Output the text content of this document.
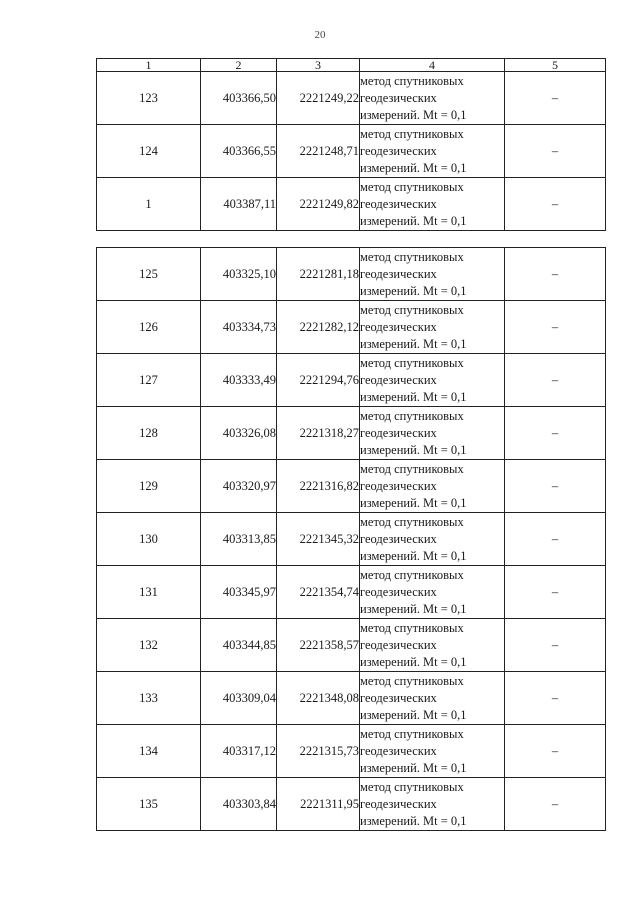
20
1	2	3	4	5
123	403366,50	2221249,22	метод спутниковых
геодезических
измерений. Mt = 0,1	–
124	403366,55	2221248,71	метод спутниковых
геодезических
измерений. Mt = 0,1	–
1	403387,11	2221249,82	метод спутниковых
геодезических
измерений. Mt = 0,1	–

125	403325,10	2221281,18	метод спутниковых
геодезических
измерений. Mt = 0,1	–
126	403334,73	2221282,12	метод спутниковых
геодезических
измерений. Mt = 0,1	–
127	403333,49	2221294,76	метод спутниковых
геодезических
измерений. Mt = 0,1	–
128	403326,08	2221318,27	метод спутниковых
геодезических
измерений. Mt = 0,1	–
129	403320,97	2221316,82	метод спутниковых
геодезических
измерений. Mt = 0,1	–
130	403313,85	2221345,32	метод спутниковых
геодезических
измерений. Mt = 0,1	–
131	403345,97	2221354,74	метод спутниковых
геодезических
измерений. Mt = 0,1	–
132	403344,85	2221358,57	метод спутниковых
геодезических
измерений. Mt = 0,1	–
133	403309,04	2221348,08	метод спутниковых
геодезических
измерений. Mt = 0,1	–
134	403317,12	2221315,73	метод спутниковых
геодезических
измерений. Mt = 0,1	–
135	403303,84	2221311,95	метод спутниковых
геодезических
измерений. Mt = 0,1	–
